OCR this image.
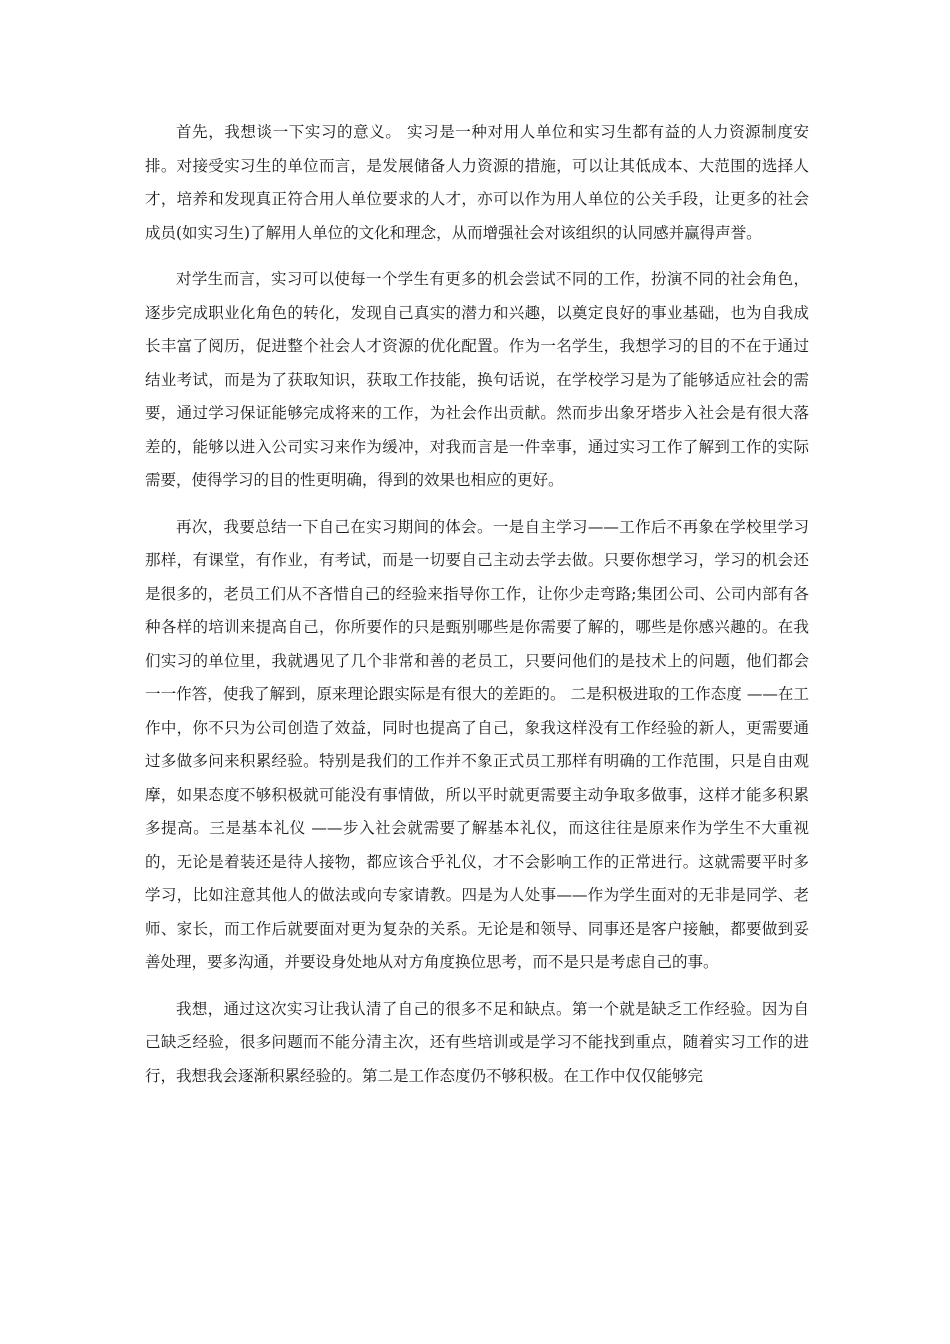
首先，我想谈一下实习的意义。 实习是一种对用人单位和实习生都有益的人力资源制度安排。对接受实习生的单位而言，是发展储备人力资源的措施，可以让其低成本、大范围的选择人才，培养和发现真正符合用人单位要求的人才，亦可以作为用人单位的公关手段，让更多的社会成员(如实习生)了解用人单位的文化和理念，从而增强社会对该组织的认同感并赢得声誉。

对学生而言，实习可以使每一个学生有更多的机会尝试不同的工作，扮演不同的社会角色，逐步完成职业化角色的转化，发现自己真实的潜力和兴趣，以奠定良好的事业基础，也为自我成长丰富了阅历，促进整个社会人才资源的优化配置。作为一名学生，我想学习的目的不在于通过结业考试，而是为了获取知识，获取工作技能，换句话说，在学校学习是为了能够适应社会的需要，通过学习保证能够完成将来的工作，为社会作出贡献。然而步出象牙塔步入社会是有很大落差的，能够以进入公司实习来作为缓冲，对我而言是一件幸事，通过实习工作了解到工作的实际需要，使得学习的目的性更明确，得到的效果也相应的更好。

再次，我要总结一下自己在实习期间的体会。一是自主学习——工作后不再象在学校里学习那样，有课堂，有作业，有考试，而是一切要自己主动去学去做。只要你想学习，学习的机会还是很多的，老员工们从不吝惜自己的经验来指导你工作，让你少走弯路;集团公司、公司内部有各种各样的培训来提高自己，你所要作的只是甄别哪些是你需要了解的，哪些是你感兴趣的。在我们实习的单位里，我就遇见了几个非常和善的老员工，只要问他们的是技术上的问题，他们都会一一作答，使我了解到，原来理论跟实际是有很大的差距的。 二是积极进取的工作态度 ——在工作中，你不只为公司创造了效益，同时也提高了自己，象我这样没有工作经验的新人，更需要通过多做多问来积累经验。特别是我们的工作并不象正式员工那样有明确的工作范围，只是自由观摩，如果态度不够积极就可能没有事情做，所以平时就更需要主动争取多做事，这样才能多积累多提高。三是基本礼仪 ——步入社会就需要了解基本礼仪，而这往往是原来作为学生不大重视的，无论是着装还是待人接物，都应该合乎礼仪，才不会影响工作的正常进行。这就需要平时多学习，比如注意其他人的做法或向专家请教。四是为人处事——作为学生面对的无非是同学、老师、家长，而工作后就要面对更为复杂的关系。无论是和领导、同事还是客户接触，都要做到妥善处理，要多沟通，并要设身处地从对方角度换位思考，而不是只是考虑自己的事。

我想，通过这次实习让我认清了自己的很多不足和缺点。第一个就是缺乏工作经验。因为自己缺乏经验，很多问题而不能分清主次，还有些培训或是学习不能找到重点，随着实习工作的进行，我想我会逐渐积累经验的。第二是工作态度仍不够积极。在工作中仅仅能够完
